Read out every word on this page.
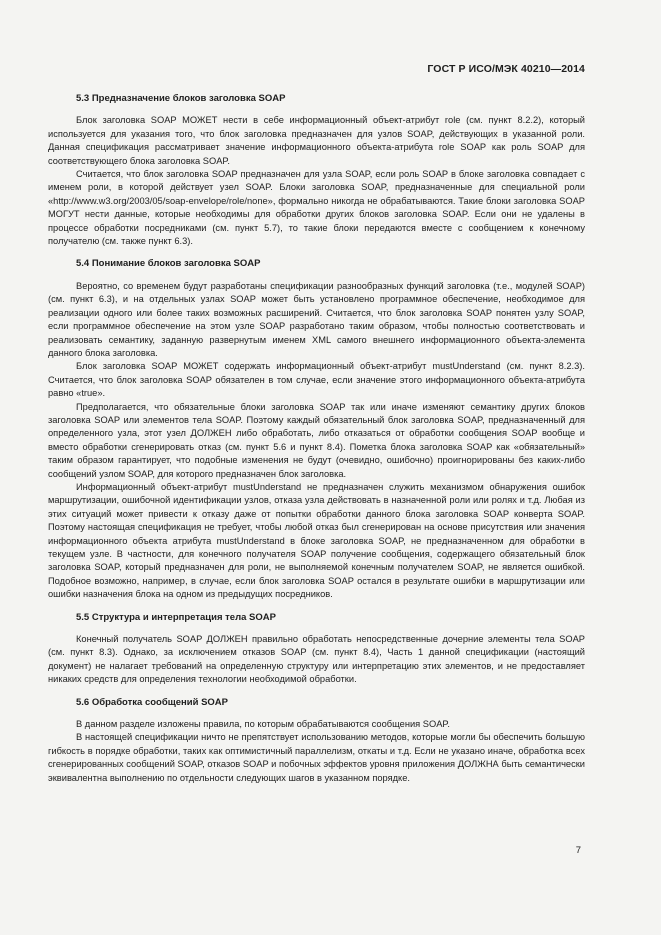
ГОСТ Р ИСО/МЭК 40210—2014

5.3 Предназначение блоков заголовка SOAP

Блок заголовка SOAP МОЖЕТ нести в себе информационный объект-атрибут role (см. пункт 8.2.2), который используется для указания того, что блок заголовка предназначен для узлов SOAP, действующих в указанной роли. Данная спецификация рассматривает значение информационного объекта-атрибута role SOAP как роль SOAP для соответствующего блока заголовка SOAP.

Считается, что блок заголовка SOAP предназначен для узла SOAP, если роль SOAP в блоке заголовка совпадает с именем роли, в которой действует узел SOAP. Блоки заголовка SOAP, предназначенные для специальной роли «http://www.w3.org/2003/05/soap-envelope/role/none», формально никогда не обрабатываются. Такие блоки заголовка SOAP МОГУТ нести данные, которые необходимы для обработки других блоков заголовка SOAP. Если они не удалены в процессе обработки посредниками (см. пункт 5.7), то такие блоки передаются вместе с сообщением к конечному получателю (см. также пункт 6.3).

5.4 Понимание блоков заголовка SOAP

Вероятно, со временем будут разработаны спецификации разнообразных функций заголовка (т.е., модулей SOAP) (см. пункт 6.3), и на отдельных узлах SOAP может быть установлено программное обеспечение, необходимое для реализации одного или более таких возможных расширений. Считается, что блок заголовка SOAP понятен узлу SOAP, если программное обеспечение на этом узле SOAP разработано таким образом, чтобы полностью соответствовать и реализовать семантику, заданную развернутым именем XML самого внешнего информационного объекта-элемента данного блока заголовка.

Блок заголовка SOAP МОЖЕТ содержать информационный объект-атрибут mustUnderstand (см. пункт 8.2.3). Считается, что блок заголовка SOAP обязателен в том случае, если значение этого информационного объекта-атрибута равно «true».

Предполагается, что обязательные блоки заголовка SOAP так или иначе изменяют семантику других блоков заголовка SOAP или элементов тела SOAP. Поэтому каждый обязательный блок заголовка SOAP, предназначенный для определенного узла, этот узел ДОЛЖЕН либо обработать, либо отказаться от обработки сообщения SOAP вообще и вместо обработки сгенерировать отказ (см. пункт 5.6 и пункт 8.4). Пометка блока заголовка SOAP как «обязательный» таким образом гарантирует, что подобные изменения не будут (очевидно, ошибочно) проигнорированы без каких-либо сообщений узлом SOAP, для которого предназначен блок заголовка.

Информационный объект-атрибут mustUnderstand не предназначен служить механизмом обнаружения ошибок маршрутизации, ошибочной идентификации узлов, отказа узла действовать в назначенной роли или ролях и т.д. Любая из этих ситуаций может привести к отказу даже от попытки обработки данного блока заголовка SOAP конверта SOAP. Поэтому настоящая спецификация не требует, чтобы любой отказ был сгенерирован на основе присутствия или значения информационного объекта атрибута mustUnderstand в блоке заголовка SOAP, не предназначенном для обработки в текущем узле. В частности, для конечного получателя SOAP получение сообщения, содержащего обязательный блок заголовка SOAP, который предназначен для роли, не выполняемой конечным получателем SOAP, не является ошибкой. Подобное возможно, например, в случае, если блок заголовка SOAP остался в результате ошибки в маршрутизации или ошибки назначения блока на одном из предыдущих посредников.

5.5 Структура и интерпретация тела SOAP

Конечный получатель SOAP ДОЛЖЕН правильно обработать непосредственные дочерние элементы тела SOAP (см. пункт 8.3). Однако, за исключением отказов SOAP (см. пункт 8.4), Часть 1 данной спецификации (настоящий документ) не налагает требований на определенную структуру или интерпретацию этих элементов, и не предоставляет никаких средств для определения технологии необходимой обработки.

5.6 Обработка сообщений SOAP

В данном разделе изложены правила, по которым обрабатываются сообщения SOAP.

В настоящей спецификации ничто не препятствует использованию методов, которые могли бы обеспечить большую гибкость в порядке обработки, таких как оптимистичный параллелизм, откаты и т.д. Если не указано иначе, обработка всех сгенерированных сообщений SOAP, отказов SOAP и побочных эффектов уровня приложения ДОЛЖНА быть семантически эквивалентна выполнению по отдельности следующих шагов в указанном порядке.

7
